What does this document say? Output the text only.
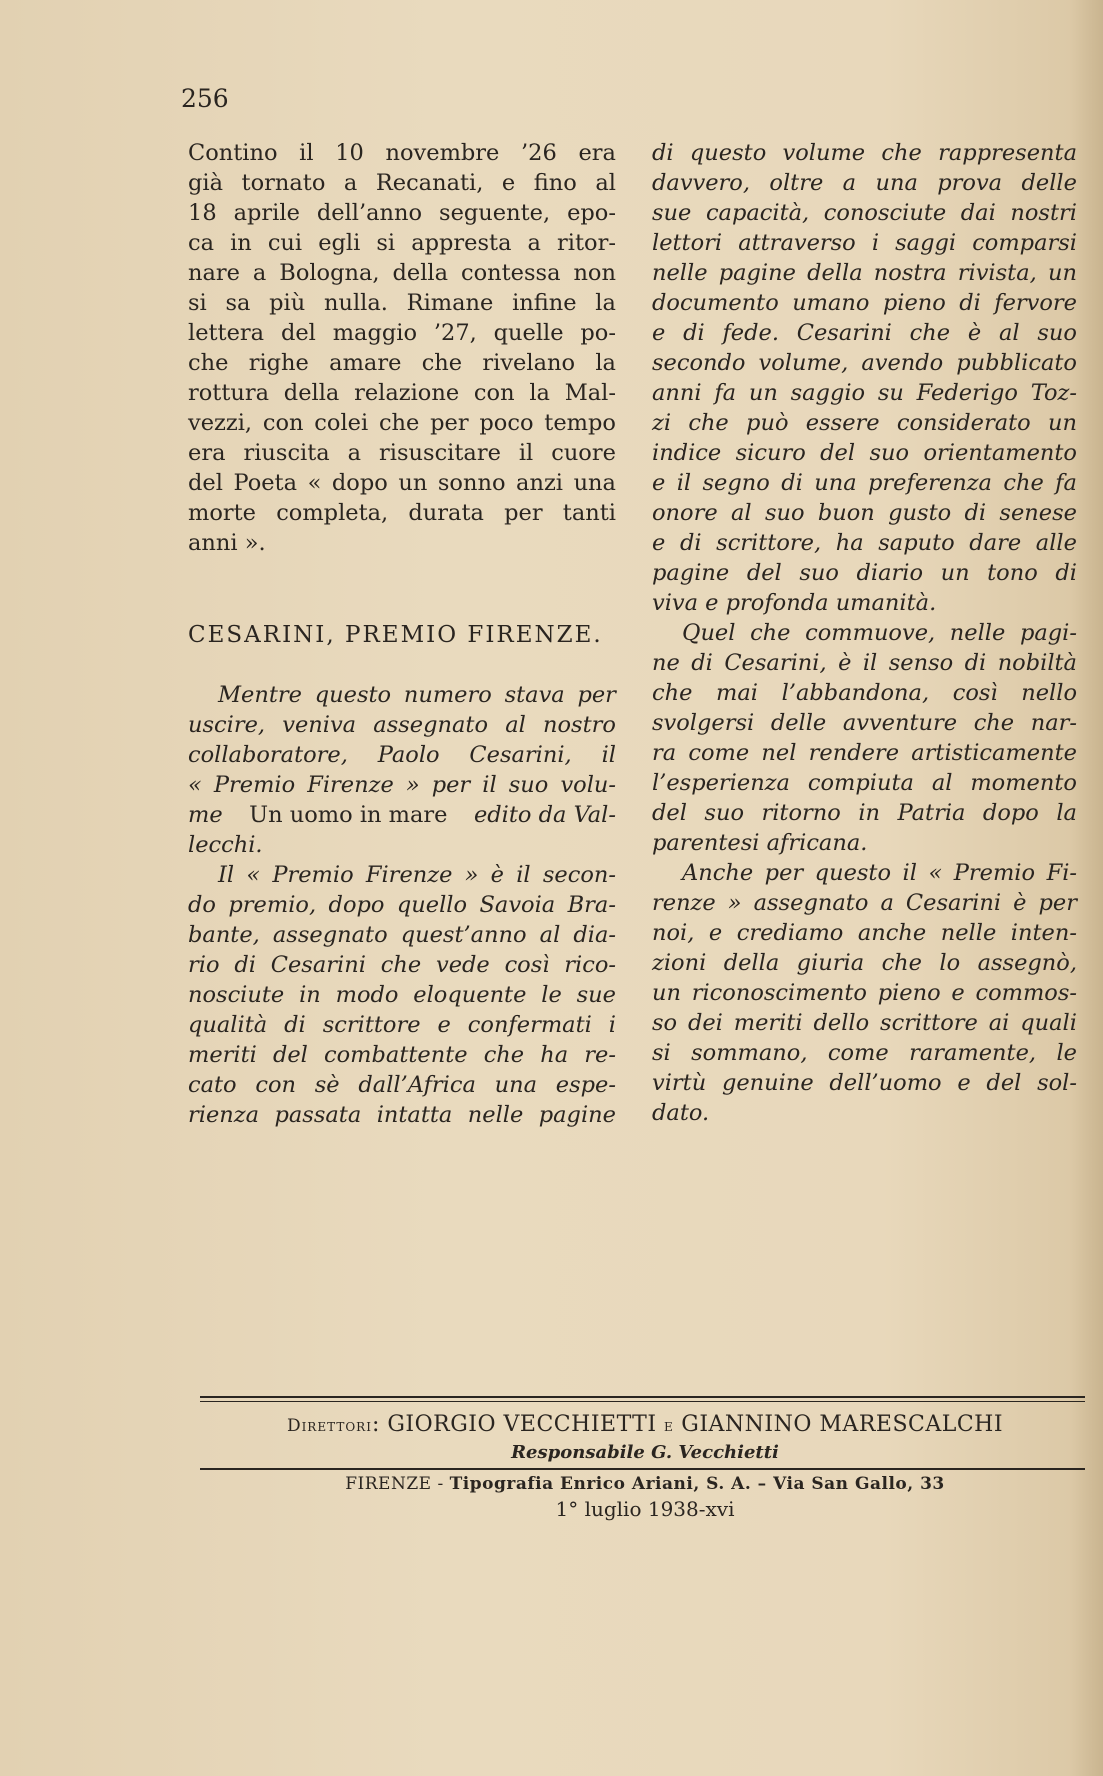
256
Contino il 10 novembre ’26 era
già tornato a Recanati, e fino al
18 aprile dell’anno seguente, epo-
ca in cui egli si appresta a ritor-
nare a Bologna, della contessa non
si sa più nulla. Rimane infine la
lettera del maggio ’27, quelle po-
che righe amare che rivelano la
rottura della relazione con la Mal-
vezzi, con colei che per poco tempo
era riuscita a risuscitare il cuore
del Poeta « dopo un sonno anzi una
morte completa, durata per tanti
anni ».
CESARINI, PREMIO FIRENZE.
Mentre questo numero stava per
uscire, veniva assegnato al nostro
collaboratore, Paolo Cesarini, il
« Premio Firenze » per il suo volu-
me Un uomo in mare edito da Val-
lecchi.
Il « Premio Firenze » è il secon-
do premio, dopo quello Savoia Bra-
bante, assegnato quest’anno al dia-
rio di Cesarini che vede così rico-
nosciute in modo eloquente le sue
qualità di scrittore e confermati i
meriti del combattente che ha re-
cato con sè dall’Africa una espe-
rienza passata intatta nelle pagine
di questo volume che rappresenta
davvero, oltre a una prova delle
sue capacità, conosciute dai nostri
lettori attraverso i saggi comparsi
nelle pagine della nostra rivista, un
documento umano pieno di fervore
e di fede. Cesarini che è al suo
secondo volume, avendo pubblicato
anni fa un saggio su Federigo Toz-
zi che può essere considerato un
indice sicuro del suo orientamento
e il segno di una preferenza che fa
onore al suo buon gusto di senese
e di scrittore, ha saputo dare alle
pagine del suo diario un tono di
viva e profonda umanità.
Quel che commuove, nelle pagi-
ne di Cesarini, è il senso di nobiltà
che mai l’abbandona, così nello
svolgersi delle avventure che nar-
ra come nel rendere artisticamente
l’esperienza compiuta al momento
del suo ritorno in Patria dopo la
parentesi africana.
Anche per questo il « Premio Fi-
renze » assegnato a Cesarini è per
noi, e crediamo anche nelle inten-
zioni della giuria che lo assegnò,
un riconoscimento pieno e commos-
so dei meriti dello scrittore ai quali
si sommano, come raramente, le
virtù genuine dell’uomo e del sol-
dato.
Direttori: GIORGIO VECCHIETTI e GIANNINO MARESCALCHI
Responsabile G. Vecchietti
FIRENZE - Tipografia Enrico Ariani, S. A. – Via San Gallo, 33
1° luglio 1938-xvi
